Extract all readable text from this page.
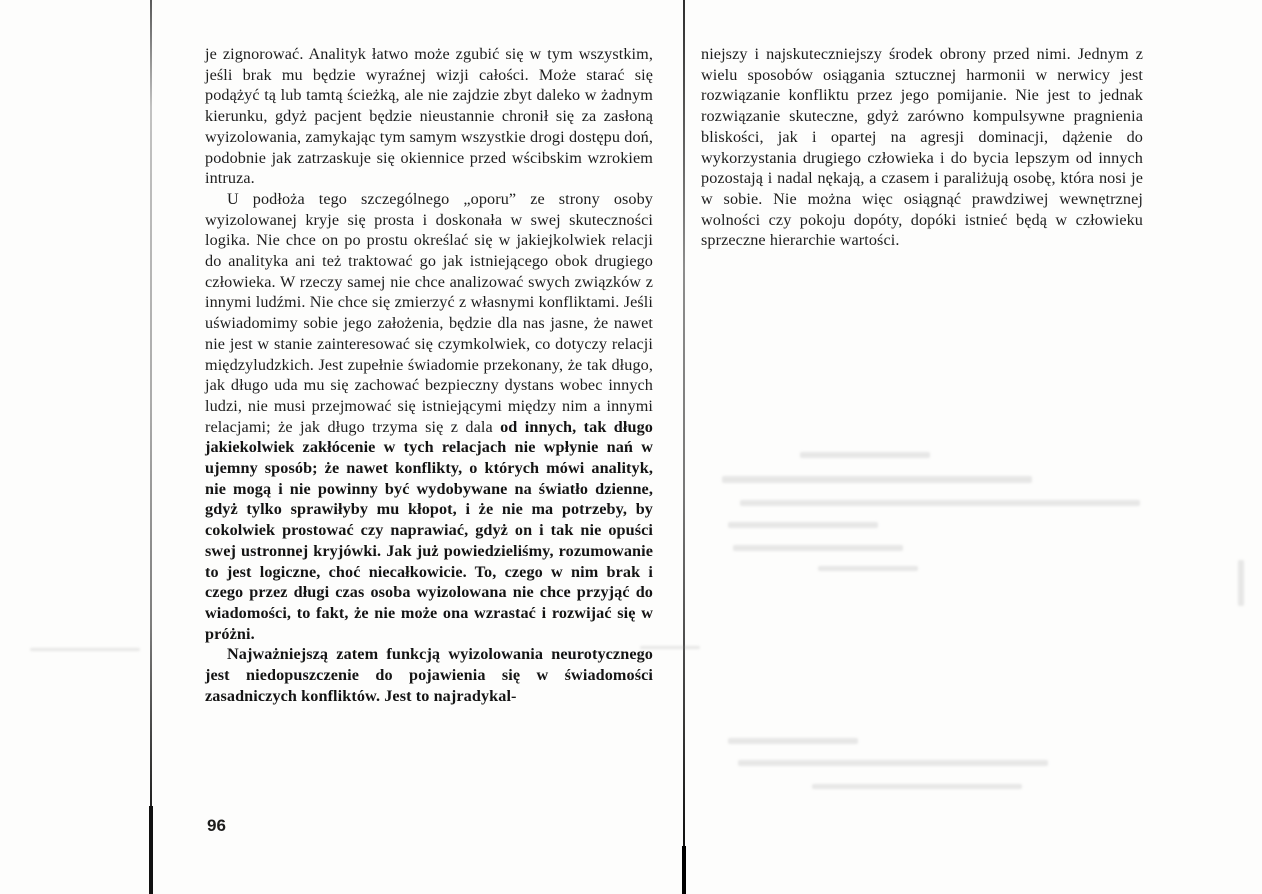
je zignorować. Analityk łatwo może zgubić się w tym wszystkim, jeśli brak mu będzie wyraźnej wizji całości. Może starać się podążyć tą lub tamtą ścieżką, ale nie zajdzie zbyt daleko w żadnym kierunku, gdyż pacjent będzie nieustannie chronił się za zasłoną wyizolowania, zamykając tym samym wszystkie drogi dostępu doń, podobnie jak zatrzaskuje się okiennice przed wścibskim wzrokiem intruza.

U podłoża tego szczególnego „oporu” ze strony osoby wyizolowanej kryje się prosta i doskonała w swej skuteczności logika. Nie chce on po prostu określać się w jakiejkolwiek relacji do analityka ani też traktować go jak istniejącego obok drugiego człowieka. W rzeczy samej nie chce analizować swych związków z innymi ludźmi. Nie chce się zmierzyć z własnymi konfliktami. Jeśli uświadomimy sobie jego założenia, będzie dla nas jasne, że nawet nie jest w stanie zainteresować się czymkolwiek, co dotyczy relacji międzyludzkich. Jest zupełnie świadomie przekonany, że tak długo, jak długo uda mu się zachować bezpieczny dystans wobec innych ludzi, nie musi przejmować się istniejącymi między nim a innymi relacjami; że jak długo trzyma się z dala od innych, tak długo jakiekolwiek zakłócenie w tych relacjach nie wpłynie nań w ujemny sposób; że nawet konflikty, o których mówi analityk, nie mogą i nie powinny być wydobywane na światło dzienne, gdyż tylko sprawiłyby mu kłopot, i że nie ma potrzeby, by cokolwiek prostować czy naprawiać, gdyż on i tak nie opuści swej ustronnej kryjówki. Jak już powiedzieliśmy, rozumowanie to jest logiczne, choć niecałkowicie. To, czego w nim brak i czego przez długi czas osoba wyizolowana nie chce przyjąć do wiadomości, to fakt, że nie może ona wzrastać i rozwijać się w próżni.

Najważniejszą zatem funkcją wyizolowania neurotycznego jest niedopuszczenie do pojawienia się w świadomości zasadniczych konfliktów. Jest to najradykal-

niejszy i najskuteczniejszy środek obrony przed nimi. Jednym z wielu sposobów osiągania sztucznej harmonii w nerwicy jest rozwiązanie konfliktu przez jego pomijanie. Nie jest to jednak rozwiązanie skuteczne, gdyż zarówno kompulsywne pragnienia bliskości, jak i opartej na agresji dominacji, dążenie do wykorzystania drugiego człowieka i do bycia lepszym od innych pozostają i nadal nękają, a czasem i paraliżują osobę, która nosi je w sobie. Nie można więc osiągnąć prawdziwej wewnętrznej wolności czy pokoju dopóty, dopóki istnieć będą w człowieku sprzeczne hierarchie wartości.

96
